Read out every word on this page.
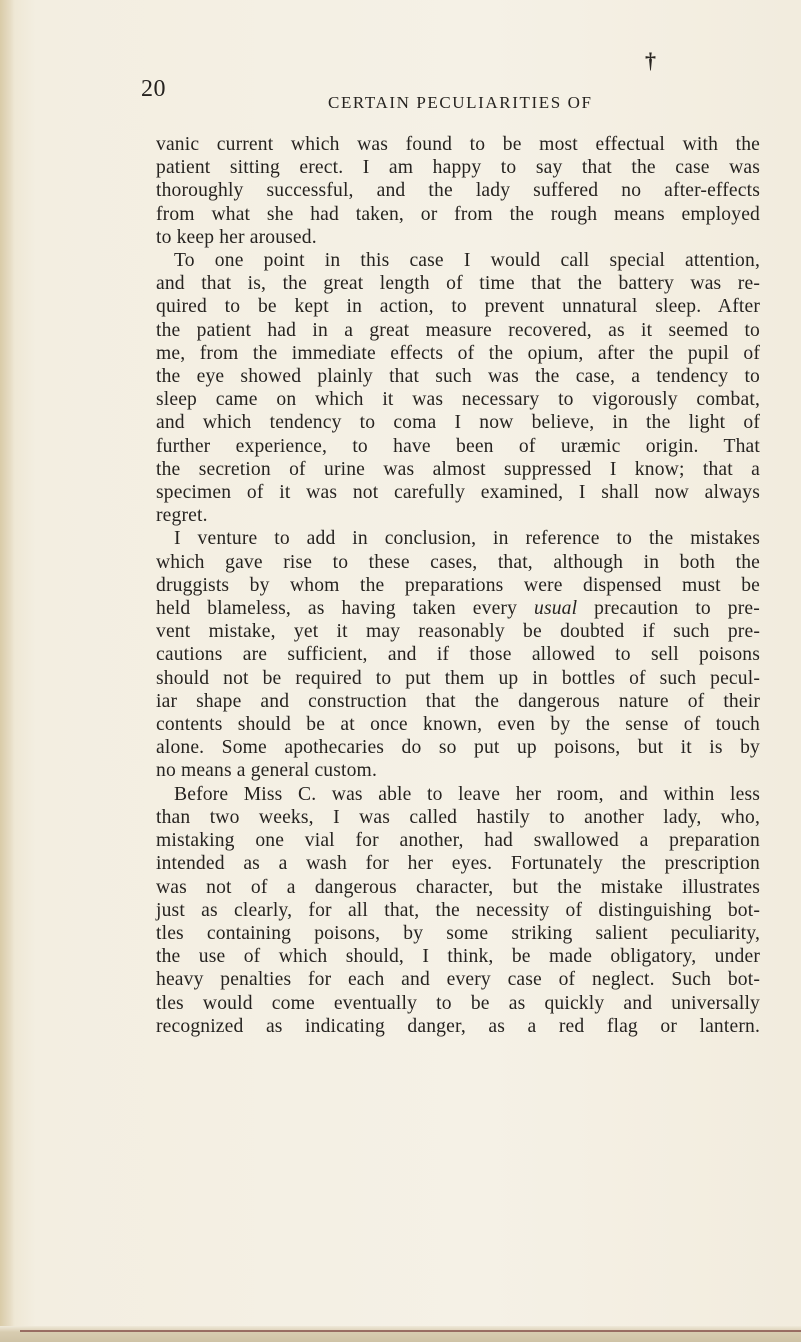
†
20
CERTAIN PECULIARITIES OF
vanic current which was found to be most effectual with the
patient sitting erect. I am happy to say that the case was
thoroughly successful, and the lady suffered no after-effects
from what she had taken, or from the rough means employed
to keep her aroused.
To one point in this case I would call special attention,
and that is, the great length of time that the battery was re-
quired to be kept in action, to prevent unnatural sleep. After
the patient had in a great measure recovered, as it seemed to
me, from the immediate effects of the opium, after the pupil of
the eye showed plainly that such was the case, a tendency to
sleep came on which it was necessary to vigorously combat,
and which tendency to coma I now believe, in the light of
further experience, to have been of uræmic origin. That
the secretion of urine was almost suppressed I know; that a
specimen of it was not carefully examined, I shall now always
regret.
I venture to add in conclusion, in reference to the mistakes
which gave rise to these cases, that, although in both the
druggists by whom the preparations were dispensed must be
held blameless, as having taken every usual precaution to pre-
vent mistake, yet it may reasonably be doubted if such pre-
cautions are sufficient, and if those allowed to sell poisons
should not be required to put them up in bottles of such pecul-
iar shape and construction that the dangerous nature of their
contents should be at once known, even by the sense of touch
alone. Some apothecaries do so put up poisons, but it is by
no means a general custom.
Before Miss C. was able to leave her room, and within less
than two weeks, I was called hastily to another lady, who,
mistaking one vial for another, had swallowed a preparation
intended as a wash for her eyes. Fortunately the prescription
was not of a dangerous character, but the mistake illustrates
just as clearly, for all that, the necessity of distinguishing bot-
tles containing poisons, by some striking salient peculiarity,
the use of which should, I think, be made obligatory, under
heavy penalties for each and every case of neglect. Such bot-
tles would come eventually to be as quickly and universally
recognized as indicating danger, as a red flag or lantern.
